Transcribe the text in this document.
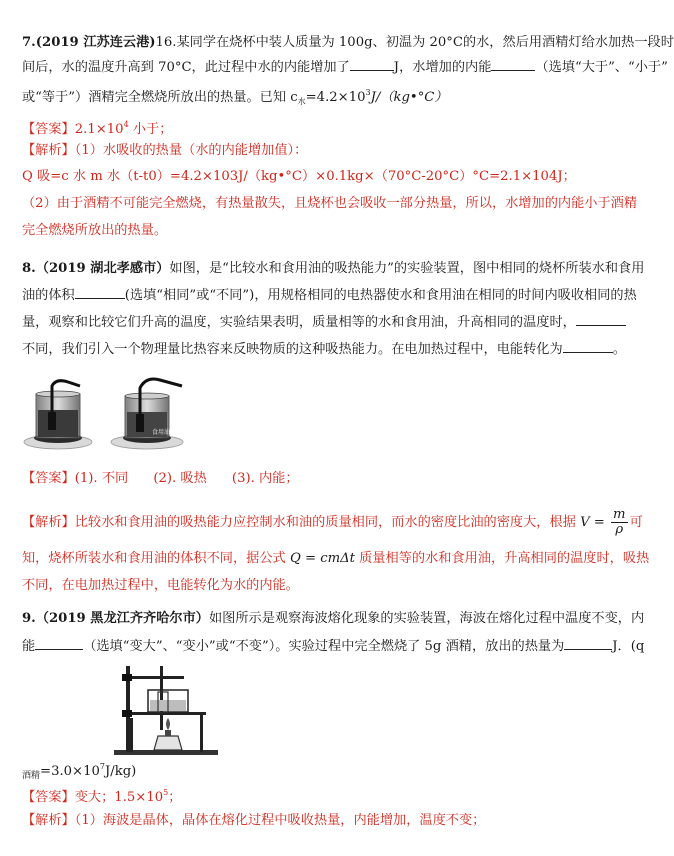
7.(2019 江苏连云港)16.某同学在烧杯中装人质量为 100g、初温为 20°C的水，然后用酒精灯给水加热一段时
间后，水的温度升高到 70°C，此过程中水的内能增加了	J，水增加的内能	（选填“大于”、“小于”
或“等于”）酒精完全燃烧所放出的热量。已知 $c_水=4.2\times 10^3J/(kg•^\circ C)$
【答案】$2.1\times 10^4$ 小于；
【解析】（1）水吸收的热量（水的内能增加值）：
Q 吸=c 水 m 水（t-t0）=4.2×103J/（kg•°C）×0.1kg×（70°C-20°C）°C=2.1×104J；
（2）由于酒精不可能完全燃烧，有热量散失，且烧杯也会吸收一部分热量，所以，水增加的内能小于酒精
完全燃烧所放出的热量。
8.（2019 湖北孝感市）如图，是“比较水和食用油的吸热能力”的实验装置，图中相同的烧杯所装水和食用
油的体积	(选填“相同”或“不同”)，用规格相同的电热器使水和食用油在相同的时间内吸收相同的热
量，观察和比较它们升高的温度，实验结果表明，质量相等的水和食用油，升高相同的温度时，
不同，我们引入一个物理量比热容来反映物质的这种吸热能力。在电加热过程中，电能转化为	。
食用油
【答案】(1). 不同      (2). 吸热      (3). 内能；
【解析】比较水和食用油的吸热能力应控制水和油的质量相同，而水的密度比油的密度大，根据 $V = \frac{m}{\rho}$ 可
知，烧杯所装水和食用油的体积不同，据公式 Q = cmΔt 质量相等的水和食用油，升高相同的温度时，吸热
不同，在电加热过程中，电能转化为水的内能。
9.（2019 黑龙江齐齐哈尔市）如图所示是观察海波熔化现象的实验装置，海波在熔化过程中温度不变，内
能	（选填“变大”、“变小”或“不变”）。实验过程中完全燃烧了 5g 酒精，放出的热量为	J．(q
$_{酒精}=3.0\times 10^7J/kg$)
【答案】变大；$1.5\times 10^5$；
【解析】（1）海波是晶体，晶体在熔化过程中吸收热量，内能增加，温度不变；
